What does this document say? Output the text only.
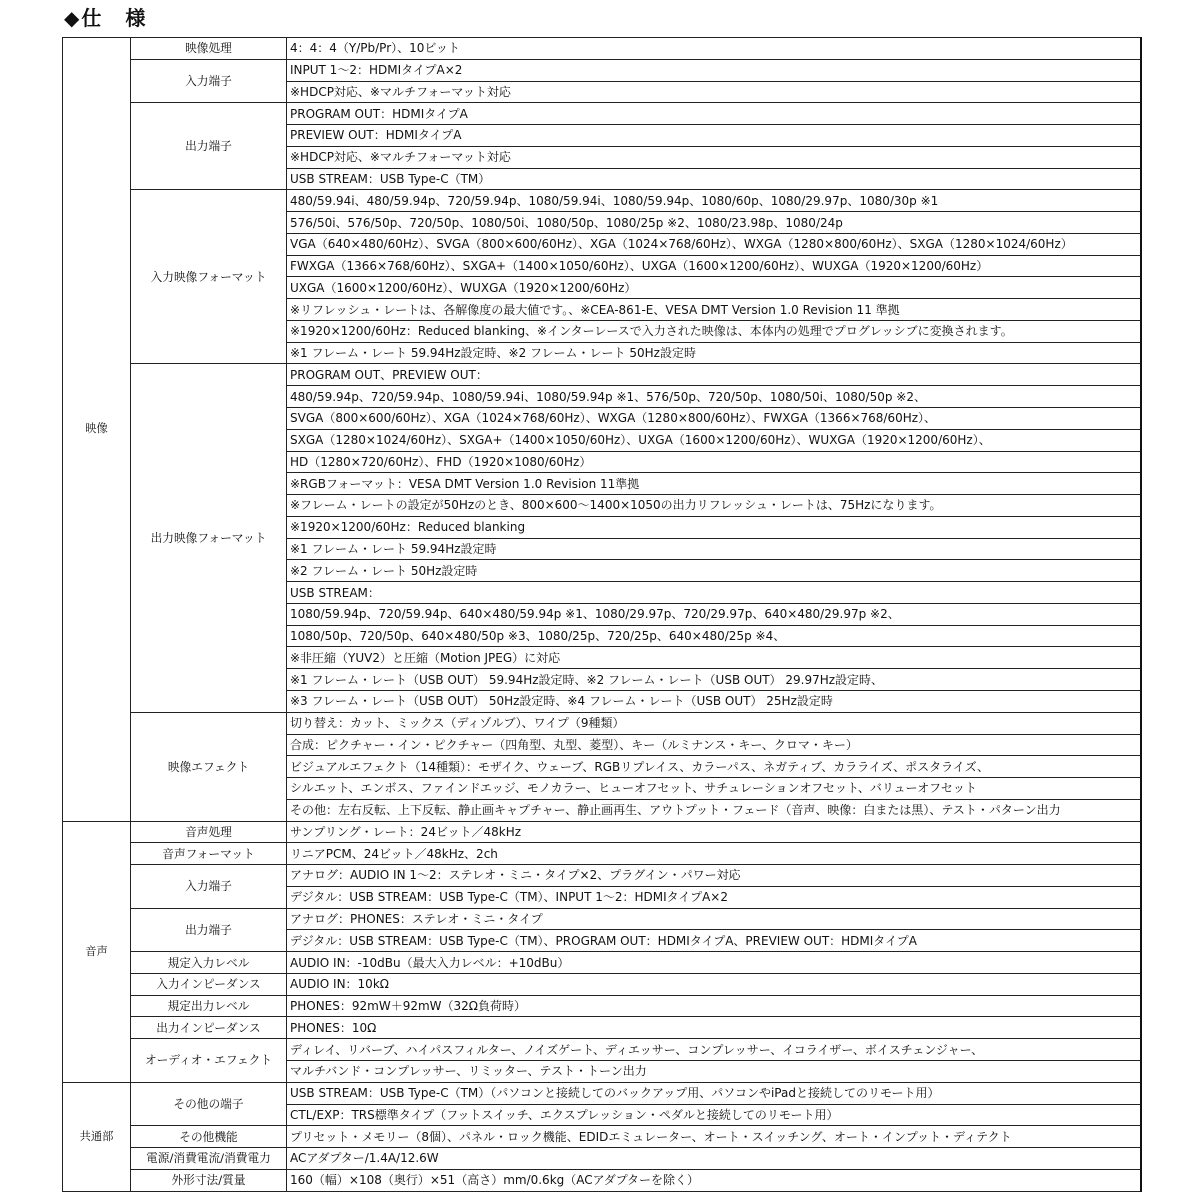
◆仕　様
映像	映像処理	4：4：4（Y/Pb/Pr）、10ビット
	入力端子	INPUT 1～2：HDMIタイプA×2
		※HDCP対応、※マルチフォーマット対応
	出力端子	PROGRAM OUT：HDMIタイプA
		PREVIEW OUT：HDMIタイプA
		※HDCP対応、※マルチフォーマット対応
		USB STREAM：USB Type-C（TM）
	入力映像フォーマット	480/59.94i、480/59.94p、720/59.94p、1080/59.94i、1080/59.94p、1080/60p、1080/29.97p、1080/30p ※1
		576/50i、576/50p、720/50p、1080/50i、1080/50p、1080/25p ※2、1080/23.98p、1080/24p
		VGA（640×480/60Hz）、SVGA（800×600/60Hz）、XGA（1024×768/60Hz）、WXGA（1280×800/60Hz）、SXGA（1280×1024/60Hz）
		FWXGA（1366×768/60Hz）、SXGA+（1400×1050/60Hz）、UXGA（1600×1200/60Hz）、WUXGA（1920×1200/60Hz）
		UXGA（1600×1200/60Hz）、WUXGA（1920×1200/60Hz）
		※リフレッシュ・レートは、各解像度の最大値です。、※CEA-861-E、VESA DMT Version 1.0 Revision 11 準拠
		※1920×1200/60Hz：Reduced blanking、※インターレースで入力された映像は、本体内の処理でプログレッシブに変換されます。
		※1 フレーム・レート 59.94Hz設定時、※2 フレーム・レート 50Hz設定時
	出力映像フォーマット	PROGRAM OUT、PREVIEW OUT：
		480/59.94p、720/59.94p、1080/59.94i、1080/59.94p ※1、576/50p、720/50p、1080/50i、1080/50p ※2、
		SVGA（800×600/60Hz）、XGA（1024×768/60Hz）、WXGA（1280×800/60Hz）、FWXGA（1366×768/60Hz）、
		SXGA（1280×1024/60Hz）、SXGA+（1400×1050/60Hz）、UXGA（1600×1200/60Hz）、WUXGA（1920×1200/60Hz）、
		HD（1280×720/60Hz）、FHD（1920×1080/60Hz）
		※RGBフォーマット：VESA DMT Version 1.0 Revision 11準拠
		※フレーム・レートの設定が50Hzのとき、800×600～1400×1050の出力リフレッシュ・レートは、75Hzになります。
		※1920×1200/60Hz：Reduced blanking
		※1 フレーム・レート 59.94Hz設定時
		※2 フレーム・レート 50Hz設定時
		USB STREAM：
		1080/59.94p、720/59.94p、640×480/59.94p ※1、1080/29.97p、720/29.97p、640×480/29.97p ※2、
		1080/50p、720/50p、640×480/50p ※3、1080/25p、720/25p、640×480/25p ※4、
		※非圧縮（YUV2）と圧縮（Motion JPEG）に対応
		※1 フレーム・レート（USB OUT） 59.94Hz設定時、※2 フレーム・レート（USB OUT） 29.97Hz設定時、
		※3 フレーム・レート（USB OUT） 50Hz設定時、※4 フレーム・レート（USB OUT） 25Hz設定時
	映像エフェクト	切り替え：カット、ミックス（ディゾルブ）、ワイプ（9種類）
		合成：ピクチャー・イン・ピクチャー（四角型、丸型、菱型）、キー（ルミナンス・キー、クロマ・キー）
		ビジュアルエフェクト（14種類）：モザイク、ウェーブ、RGBリプレイス、カラーパス、ネガティブ、カラライズ、ポスタライズ、
		シルエット、エンボス、ファインドエッジ、モノカラー、ヒューオフセット、サチュレーションオフセット、バリューオフセット
		その他：左右反転、上下反転、静止画キャプチャー、静止画再生、アウトプット・フェード（音声、映像：白または黒）、テスト・パターン出力
音声	音声処理	サンプリング・レート：24ビット／48kHz
	音声フォーマット	リニアPCM、24ビット／48kHz、2ch
	入力端子	アナログ：AUDIO IN 1～2：ステレオ・ミニ・タイプ×2、プラグイン・パワー対応
		デジタル：USB STREAM：USB Type-C（TM）、INPUT 1～2：HDMIタイプA×2
	出力端子	アナログ：PHONES：ステレオ・ミニ・タイプ
		デジタル：USB STREAM：USB Type-C（TM）、PROGRAM OUT：HDMIタイプA、PREVIEW OUT：HDMIタイプA
	規定入力レベル	AUDIO IN：-10dBu（最大入力レベル：+10dBu）
	入力インピーダンス	AUDIO IN：10kΩ
	規定出力レベル	PHONES：92mW＋92mW（32Ω負荷時）
	出力インピーダンス	PHONES：10Ω
	オーディオ・エフェクト	ディレイ、リバーブ、ハイパスフィルター、ノイズゲート、ディエッサー、コンプレッサー、イコライザー、ボイスチェンジャー、
		マルチバンド・コンプレッサー、リミッター、テスト・トーン出力
共通部	その他の端子	USB STREAM：USB Type-C（TM）（パソコンと接続してのバックアップ用、パソコンやiPadと接続してのリモート用）
		CTL/EXP：TRS標準タイプ（フットスイッチ、エクスプレッション・ペダルと接続してのリモート用）
	その他機能	プリセット・メモリー（8個）、パネル・ロック機能、EDIDエミュレーター、オート・スイッチング、オート・インプット・ディテクト
	電源/消費電流/消費電力	ACアダプター/1.4A/12.6W
	外形寸法/質量	160（幅）×108（奥行）×51（高さ）mm/0.6kg（ACアダプターを除く）
